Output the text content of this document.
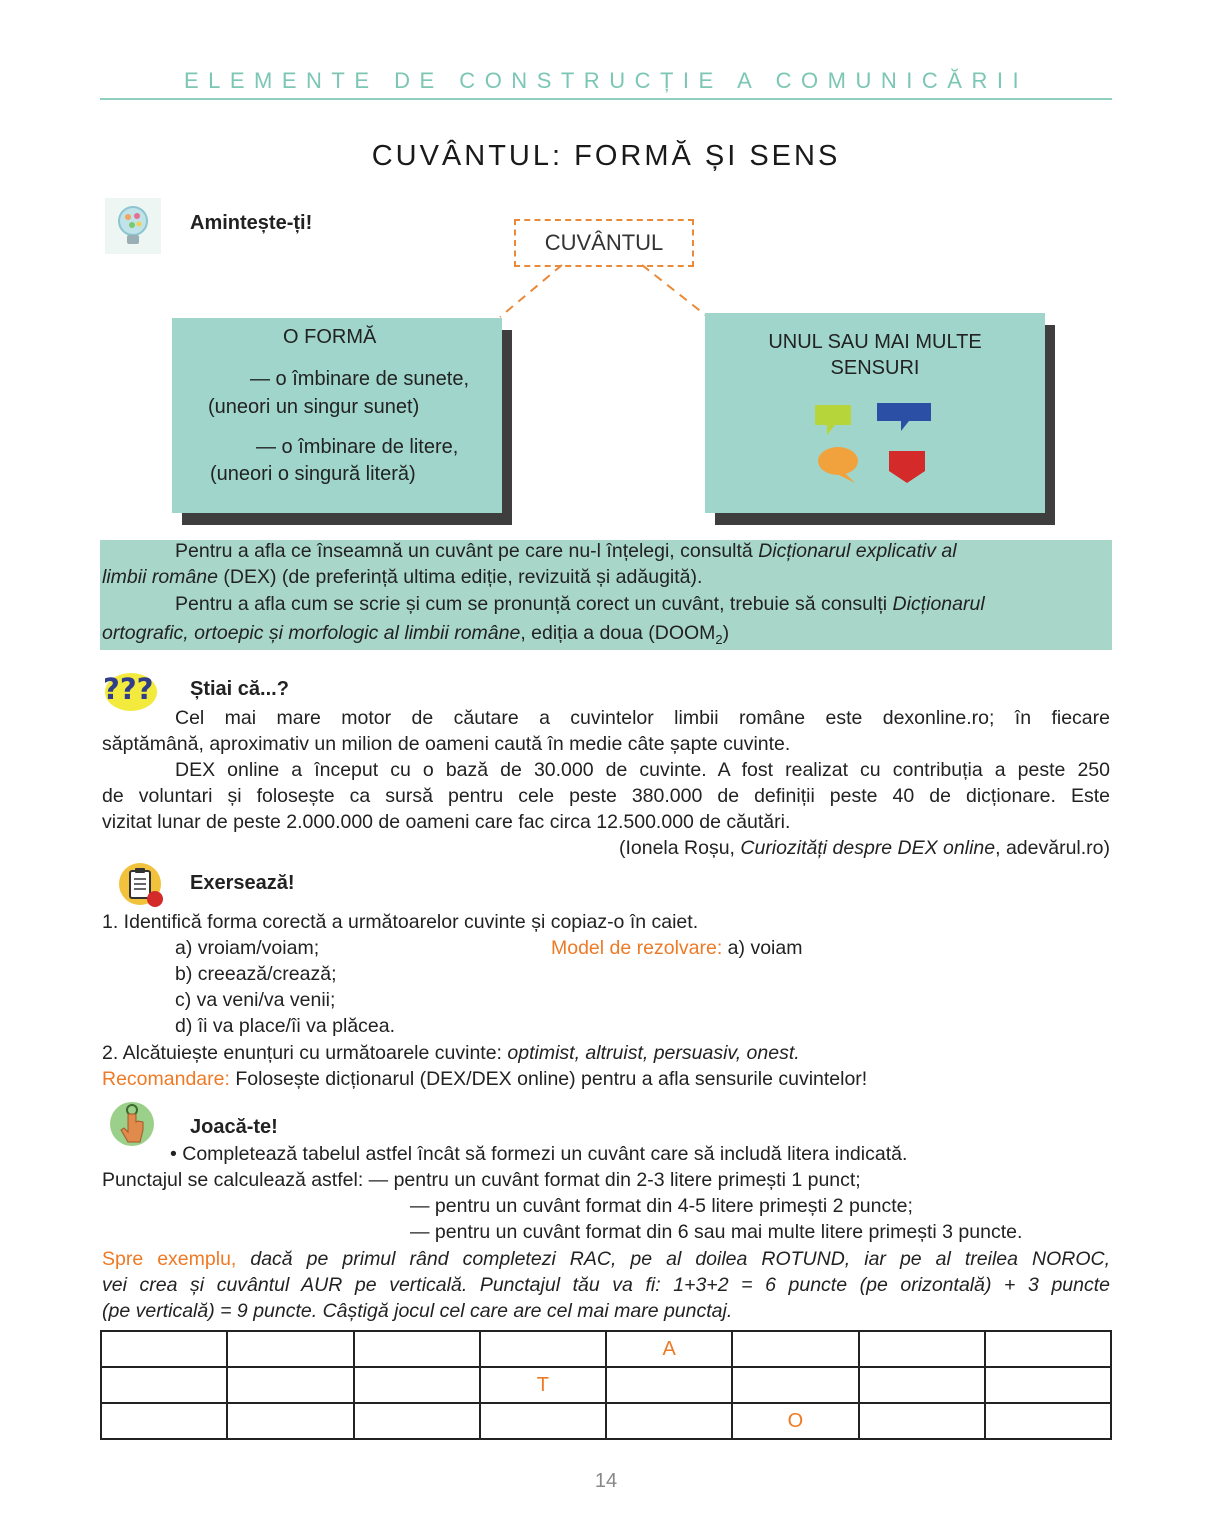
ELEMENTE DE CONSTRUCȚIE A COMUNICĂRII
CUVÂNTUL: FORMĂ ȘI SENS
Amintește-ți!
CUVÂNTUL
O FORMĂ
— o îmbinare de sunete,
(uneori un singur sunet)
— o îmbinare de litere,
(uneori o singură literă)
UNUL SAU MAI MULTE
SENSURI
Pentru a afla ce înseamnă un cuvânt pe care nu-l înțelegi, consultă Dicționarul explicativ al
limbii române (DEX) (de preferință ultima ediție, revizuită și adăugită).
Pentru a afla cum se scrie și cum se pronunță corect un cuvânt, trebuie să consulți Dicționarul
ortografic, ortoepic și morfologic al limbii române, ediția a doua $(DOOM_2)$
??? Știai că...?
Cel mai mare motor de căutare a cuvintelor limbii române este dexonline.ro; în fiecare
săptămână, aproximativ un milion de oameni caută în medie câte șapte cuvinte.
DEX online a început cu o bază de 30.000 de cuvinte. A fost realizat cu contribuția a peste 250
de voluntari și folosește ca sursă pentru cele peste 380.000 de definiții peste 40 de dicționare. Este
vizitat lunar de peste 2.000.000 de oameni care fac circa 12.500.000 de căutări.
(Ionela Roșu, Curiozități despre DEX online, adevărul.ro)
Exersează!
1. Identifică forma corectă a următoarelor cuvinte și copiaz-o în caiet.
a) vroiam/voiam;	Model de rezolvare: a) voiam
b) creează/crează;
c) va veni/va venii;
d) îi va place/îi va plăcea.
2. Alcătuiește enunțuri cu următoarele cuvinte: optimist, altruist, persuasiv, onest.
Recomandare: Folosește dicționarul (DEX/DEX online) pentru a afla sensurile cuvintelor!
Joacă-te!
• Completează tabelul astfel încât să formezi un cuvânt care să includă litera indicată.
Punctajul se calculează astfel: — pentru un cuvânt format din 2-3 litere primești 1 punct;
— pentru un cuvânt format din 4-5 litere primești 2 puncte;
— pentru un cuvânt format din 6 sau mai multe litere primești 3 puncte.
Spre exemplu, dacă pe primul rând completezi RAC, pe al doilea ROTUND, iar pe al treilea NOROC,
vei crea și cuvântul AUR pe verticală. Punctajul tău va fi: 1+3+2 = 6 puncte (pe orizontală) + 3 puncte
(pe verticală) = 9 puncte. Câștigă jocul cel care are cel mai mare punctaj.
				A			
			T				
					O		
14
